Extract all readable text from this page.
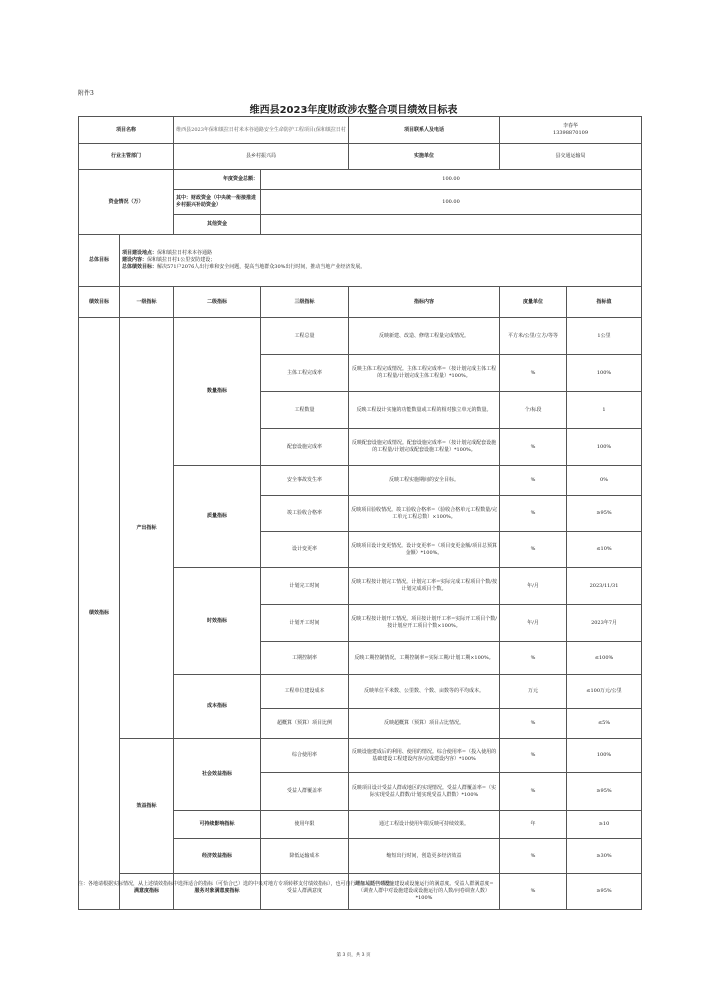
附件3
维西县2023年度财政涉农整合项目绩效目标表
项目名称		维西县2023年保和镇拉日村米本谷通路安全生命防护工程项目(保和镇拉日村		项目联系人及电话	李春华
13398870109	
行业主管部门		县乡村振兴局		实施单位	县交通运输局	
资金情况（万）		年度资金总额：	100.00			
		其中：财政资金（中央统一衔接推进乡村振兴补助资金）	100.00			
		其他资金				
总体目标	项目建设地点：保和镇拉日村米本谷通路
建设内容：保和镇拉日村1公里安防建设；
总体绩效目标：解决571户2076人出行难和安全问题，提高当地群众30%出行时间，推动当地产业经济发展。					

绩效目标	一级指标	二级指标	三级指标	指标内容	度量单位	指标值
绩效指标	产出指标	数量指标	工程总量	反映新建、改造、修缮工程量完成情况。	平方米/公里/立方/等等	1公里
			主体工程完成率	反映主体工程完成情况。主体工程完成率=（按计划完成主体工程的工程量/计划完成主体工程量）*100%。	%	100%
			工程数量	反映工程设计实施的功能数量或工程的相对独立单元的数量。	个/标段	1
			配套设施完成率	反映配套设施完成情况。配套设施完成率=（按计划完成配套设施的工程量/计划完成配套设施工程量）*100%。	%	100%
		质量指标	安全事故发生率	反映工程实施期间的安全目标。	%	0%
			竣工验收合格率	反映项目验收情况。竣工验收合格率=（验收合格单元工程数量/完工单元工程总数）×100%。	%	≥95%
			设计变更率	反映项目设计变更情况。设计变更率=（项目变更金额/项目总预算金额）*100%。	%	≤10%
		时效指标	计划完工时间	反映工程按计划完工情况。计划完工率=实际完成工程项目个数/按计划完成项目个数。	年/月	2023/11/31
			计划开工时间	反映工程按计划开工情况。项目按计划开工率=实际开工项目个数/按计划应开工项目个数×100%。	年/月	2023年7月
			工期控制率	反映工期控制情况。工期控制率=实际工期/计划工期×100%。	%	≤100%
		成本指标	工程单位建设成本	反映单位平米数、公里数、个数、亩数等的平均成本。	万元	≤100万元/公里
			超概算（预算）项目比例	反映超概算（预算）项目占比情况。	%	≤5%
	效益指标	社会效益指标	综合使用率	反映设施建成后的利用、使用的情况。综合使用率=（投入使用的基础建设工程建设内容/完成建设内容）*100%	%	100%
			受益人群覆盖率	反映项目设计受益人群或地区的实现情况。受益人群覆盖率=（实际实现受益人群数/计划实现受益人群数）*100%	%	≥95%
		可持续影响指标	使用年限	通过工程设计使用年限反映可持续效果。	年	≥10
		经济效益指标	降低运输成本	缩短出行时间，创造更多经济效益	%	≥30%
	满意度指标	服务对象满意度指标	受益人群满意度	调查人群中对设施建设或设施运行的满意度。受益人群满意度=（调查人群中对设施建设或设施运行的人数/问卷调查人数）*100%	%	≥95%
注：各地请根据实际情况，从上述绩效指标中选择适合的指标（可恰合已）选的中央对地方专项转移支付绩效指标），也可自行增加或适当调整。
第 3 页，共 3 页
